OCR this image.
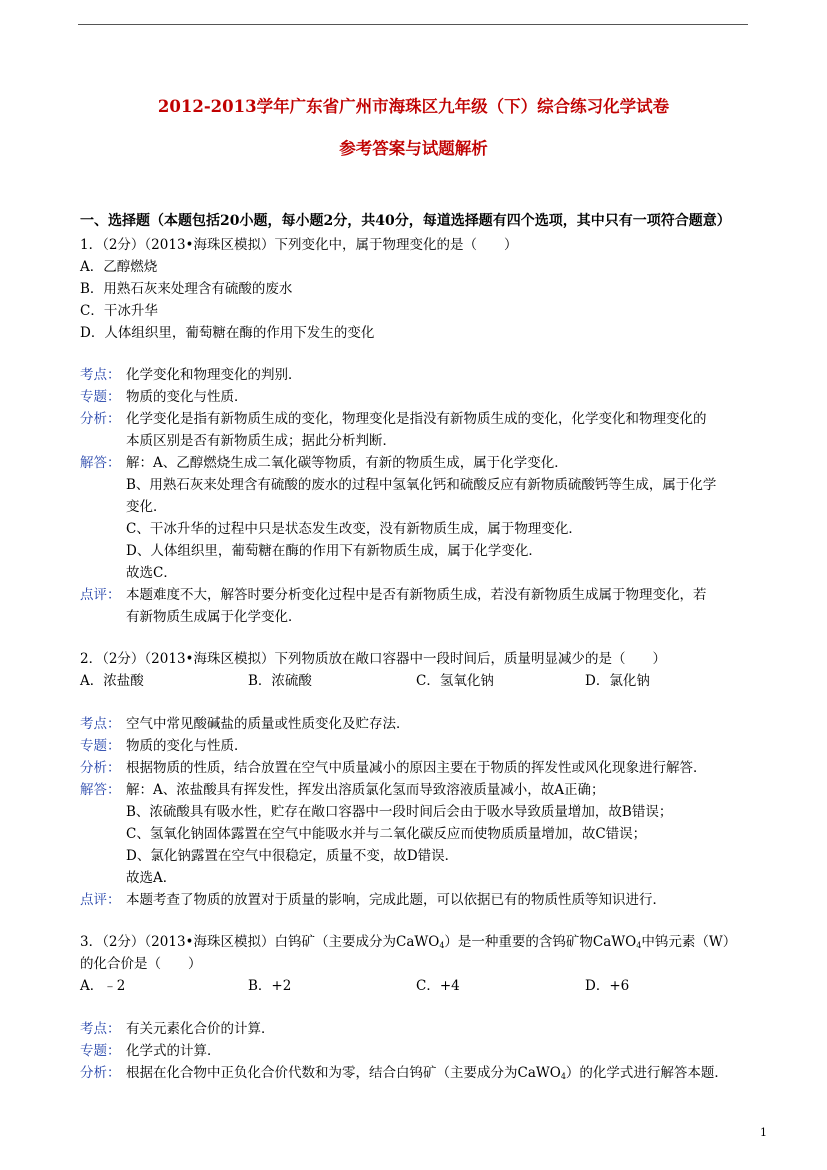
2012-2013学年广东省广州市海珠区九年级（下）综合练习化学试卷
参考答案与试题解析
一、选择题（本题包括20小题，每小题2分，共40分，每道选择题有四个选项，其中只有一项符合题意）
1．（2分）（2013•海珠区模拟）下列变化中，属于物理变化的是（　　）
A．乙醇燃烧
B．用熟石灰来处理含有硫酸的废水
C．干冰升华
D．人体组织里，葡萄糖在酶的作用下发生的变化
考点： 化学变化和物理变化的判别．
专题： 物质的变化与性质．
分析： 化学变化是指有新物质生成的变化，物理变化是指没有新物质生成的变化，化学变化和物理变化的
本质区别是否有新物质生成；据此分析判断．
解答： 解：A、乙醇燃烧生成二氧化碳等物质，有新的物质生成，属于化学变化．
B、用熟石灰来处理含有硫酸的废水的过程中氢氧化钙和硫酸反应有新物质硫酸钙等生成，属于化学
变化．
C、干冰升华的过程中只是状态发生改变，没有新物质生成，属于物理变化．
D、人体组织里，葡萄糖在酶的作用下有新物质生成，属于化学变化．
故选C．
点评： 本题难度不大，解答时要分析变化过程中是否有新物质生成，若没有新物质生成属于物理变化，若
有新物质生成属于化学变化．
2．（2分）（2013•海珠区模拟）下列物质放在敞口容器中一段时间后，质量明显减少的是（　　）
A．浓盐酸	B．浓硫酸	C．氢氧化钠	D．氯化钠
考点： 空气中常见酸碱盐的质量或性质变化及贮存法．
专题： 物质的变化与性质．
分析： 根据物质的性质，结合放置在空气中质量减小的原因主要在于物质的挥发性或风化现象进行解答．
解答： 解：A、浓盐酸具有挥发性，挥发出溶质氯化氢而导致溶液质量减小，故A正确；
B、浓硫酸具有吸水性，贮存在敞口容器中一段时间后会由于吸水导致质量增加，故B错误；
C、氢氧化钠固体露置在空气中能吸水并与二氧化碳反应而使物质质量增加，故C错误；
D、氯化钠露置在空气中很稳定，质量不变，故D错误．
故选A．
点评： 本题考查了物质的放置对于质量的影响，完成此题，可以依据已有的物质性质等知识进行．
3．（2分）（2013•海珠区模拟）白钨矿（主要成分为CaWO$_4$）是一种重要的含钨矿物CaWO$_4$中钨元素（W）
的化合价是（　　）
A．﹣2	B．+2	C．+4	D．+6
考点： 有关元素化合价的计算．
专题： 化学式的计算．
分析： 根据在化合物中正负化合价代数和为零，结合白钨矿（主要成分为CaWO$_4$）的化学式进行解答本题．
1
